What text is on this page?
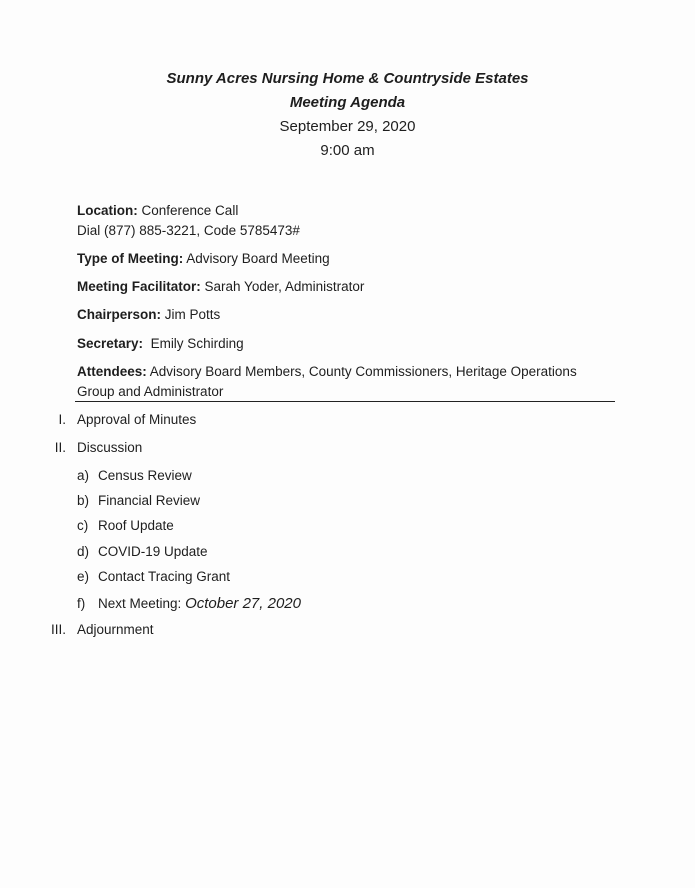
Sunny Acres Nursing Home & Countryside Estates
Meeting Agenda
September 29, 2020
9:00 am
Location: Conference Call
Dial (877) 885-3221, Code 5785473#
Type of Meeting: Advisory Board Meeting
Meeting Facilitator: Sarah Yoder, Administrator
Chairperson: Jim Potts
Secretary: Emily Schirding
Attendees: Advisory Board Members, County Commissioners, Heritage Operations
Group and Administrator
I. Approval of Minutes
II. Discussion
a) Census Review
b) Financial Review
c) Roof Update
d) COVID-19 Update
e) Contact Tracing Grant
f) Next Meeting: October 27, 2020
III. Adjournment
